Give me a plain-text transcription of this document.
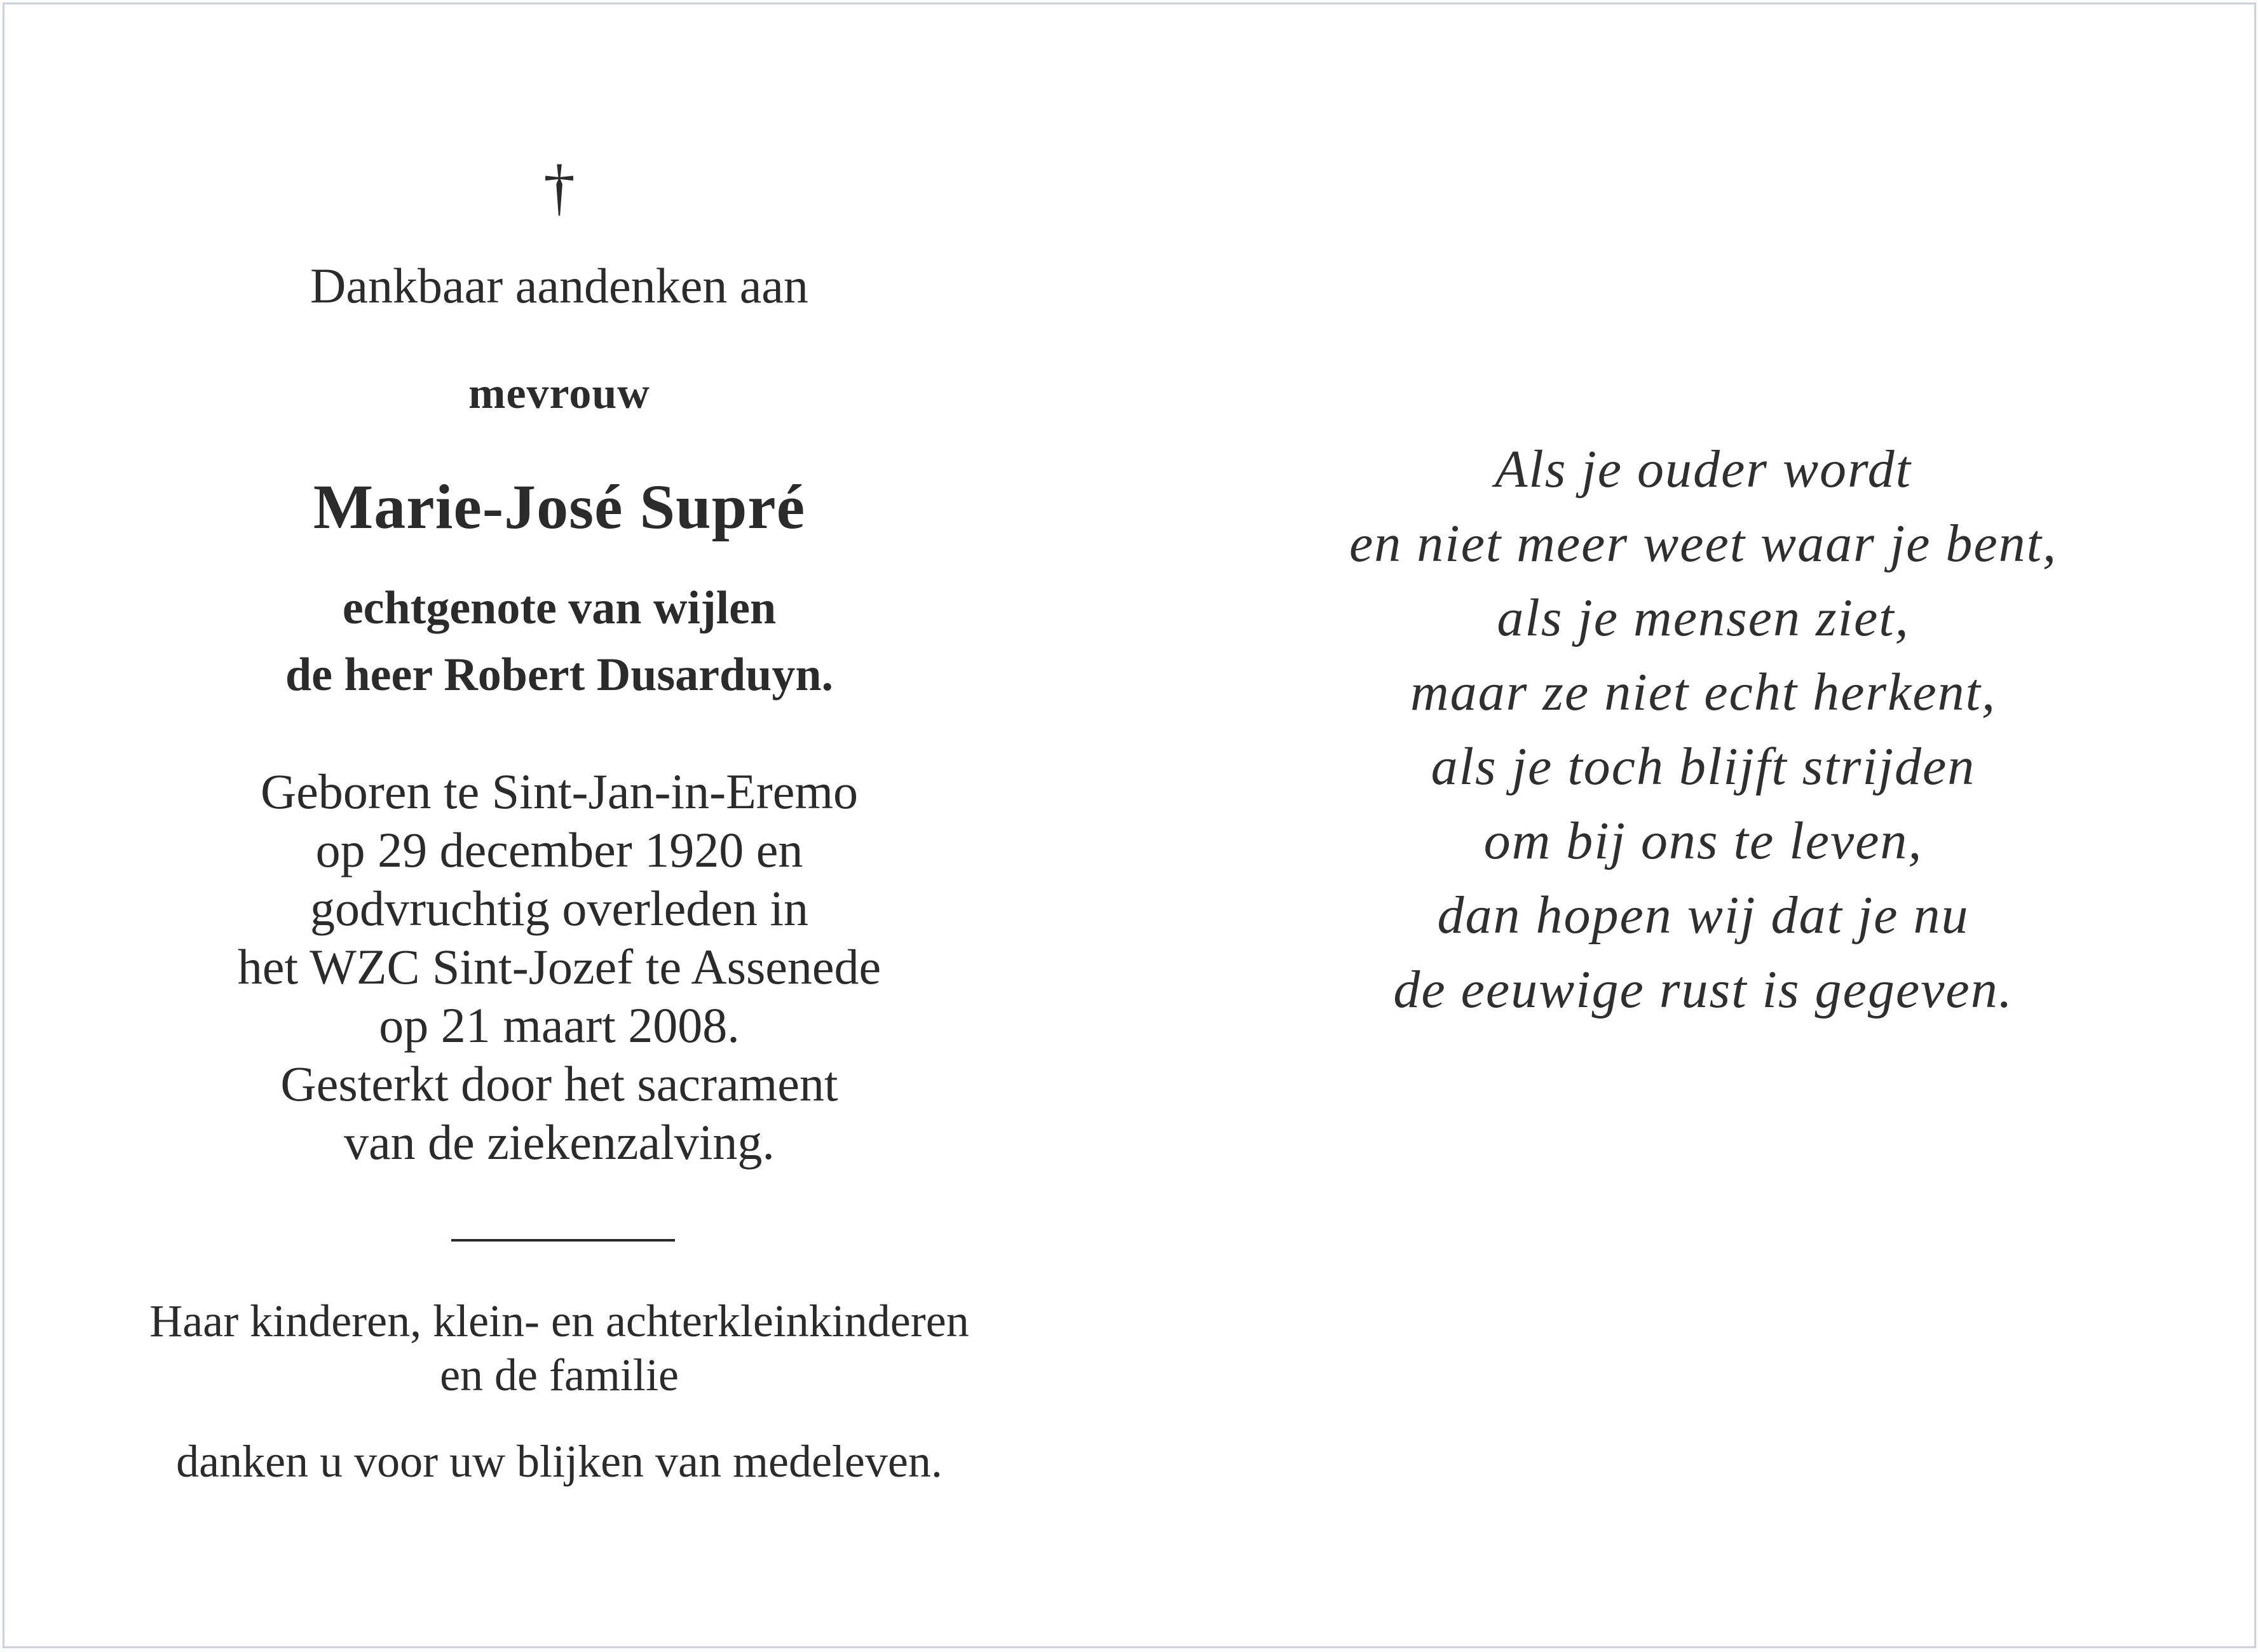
†
Dankbaar aandenken aan
mevrouw
Marie-José Supré
echtgenote van wijlen
de heer Robert Dusarduyn.
Geboren te Sint-Jan-in-Eremo
op 29 december 1920 en
godvruchtig overleden in
het WZC Sint-Jozef te Assenede
op 21 maart 2008.
Gesterkt door het sacrament
van de ziekenzalving.
Haar kinderen, klein- en achterkleinkinderen
en de familie
danken u voor uw blijken van medeleven.
Als je ouder wordt
en niet meer weet waar je bent,
als je mensen ziet,
maar ze niet echt herkent,
als je toch blijft strijden
om bij ons te leven,
dan hopen wij dat je nu
de eeuwige rust is gegeven.
